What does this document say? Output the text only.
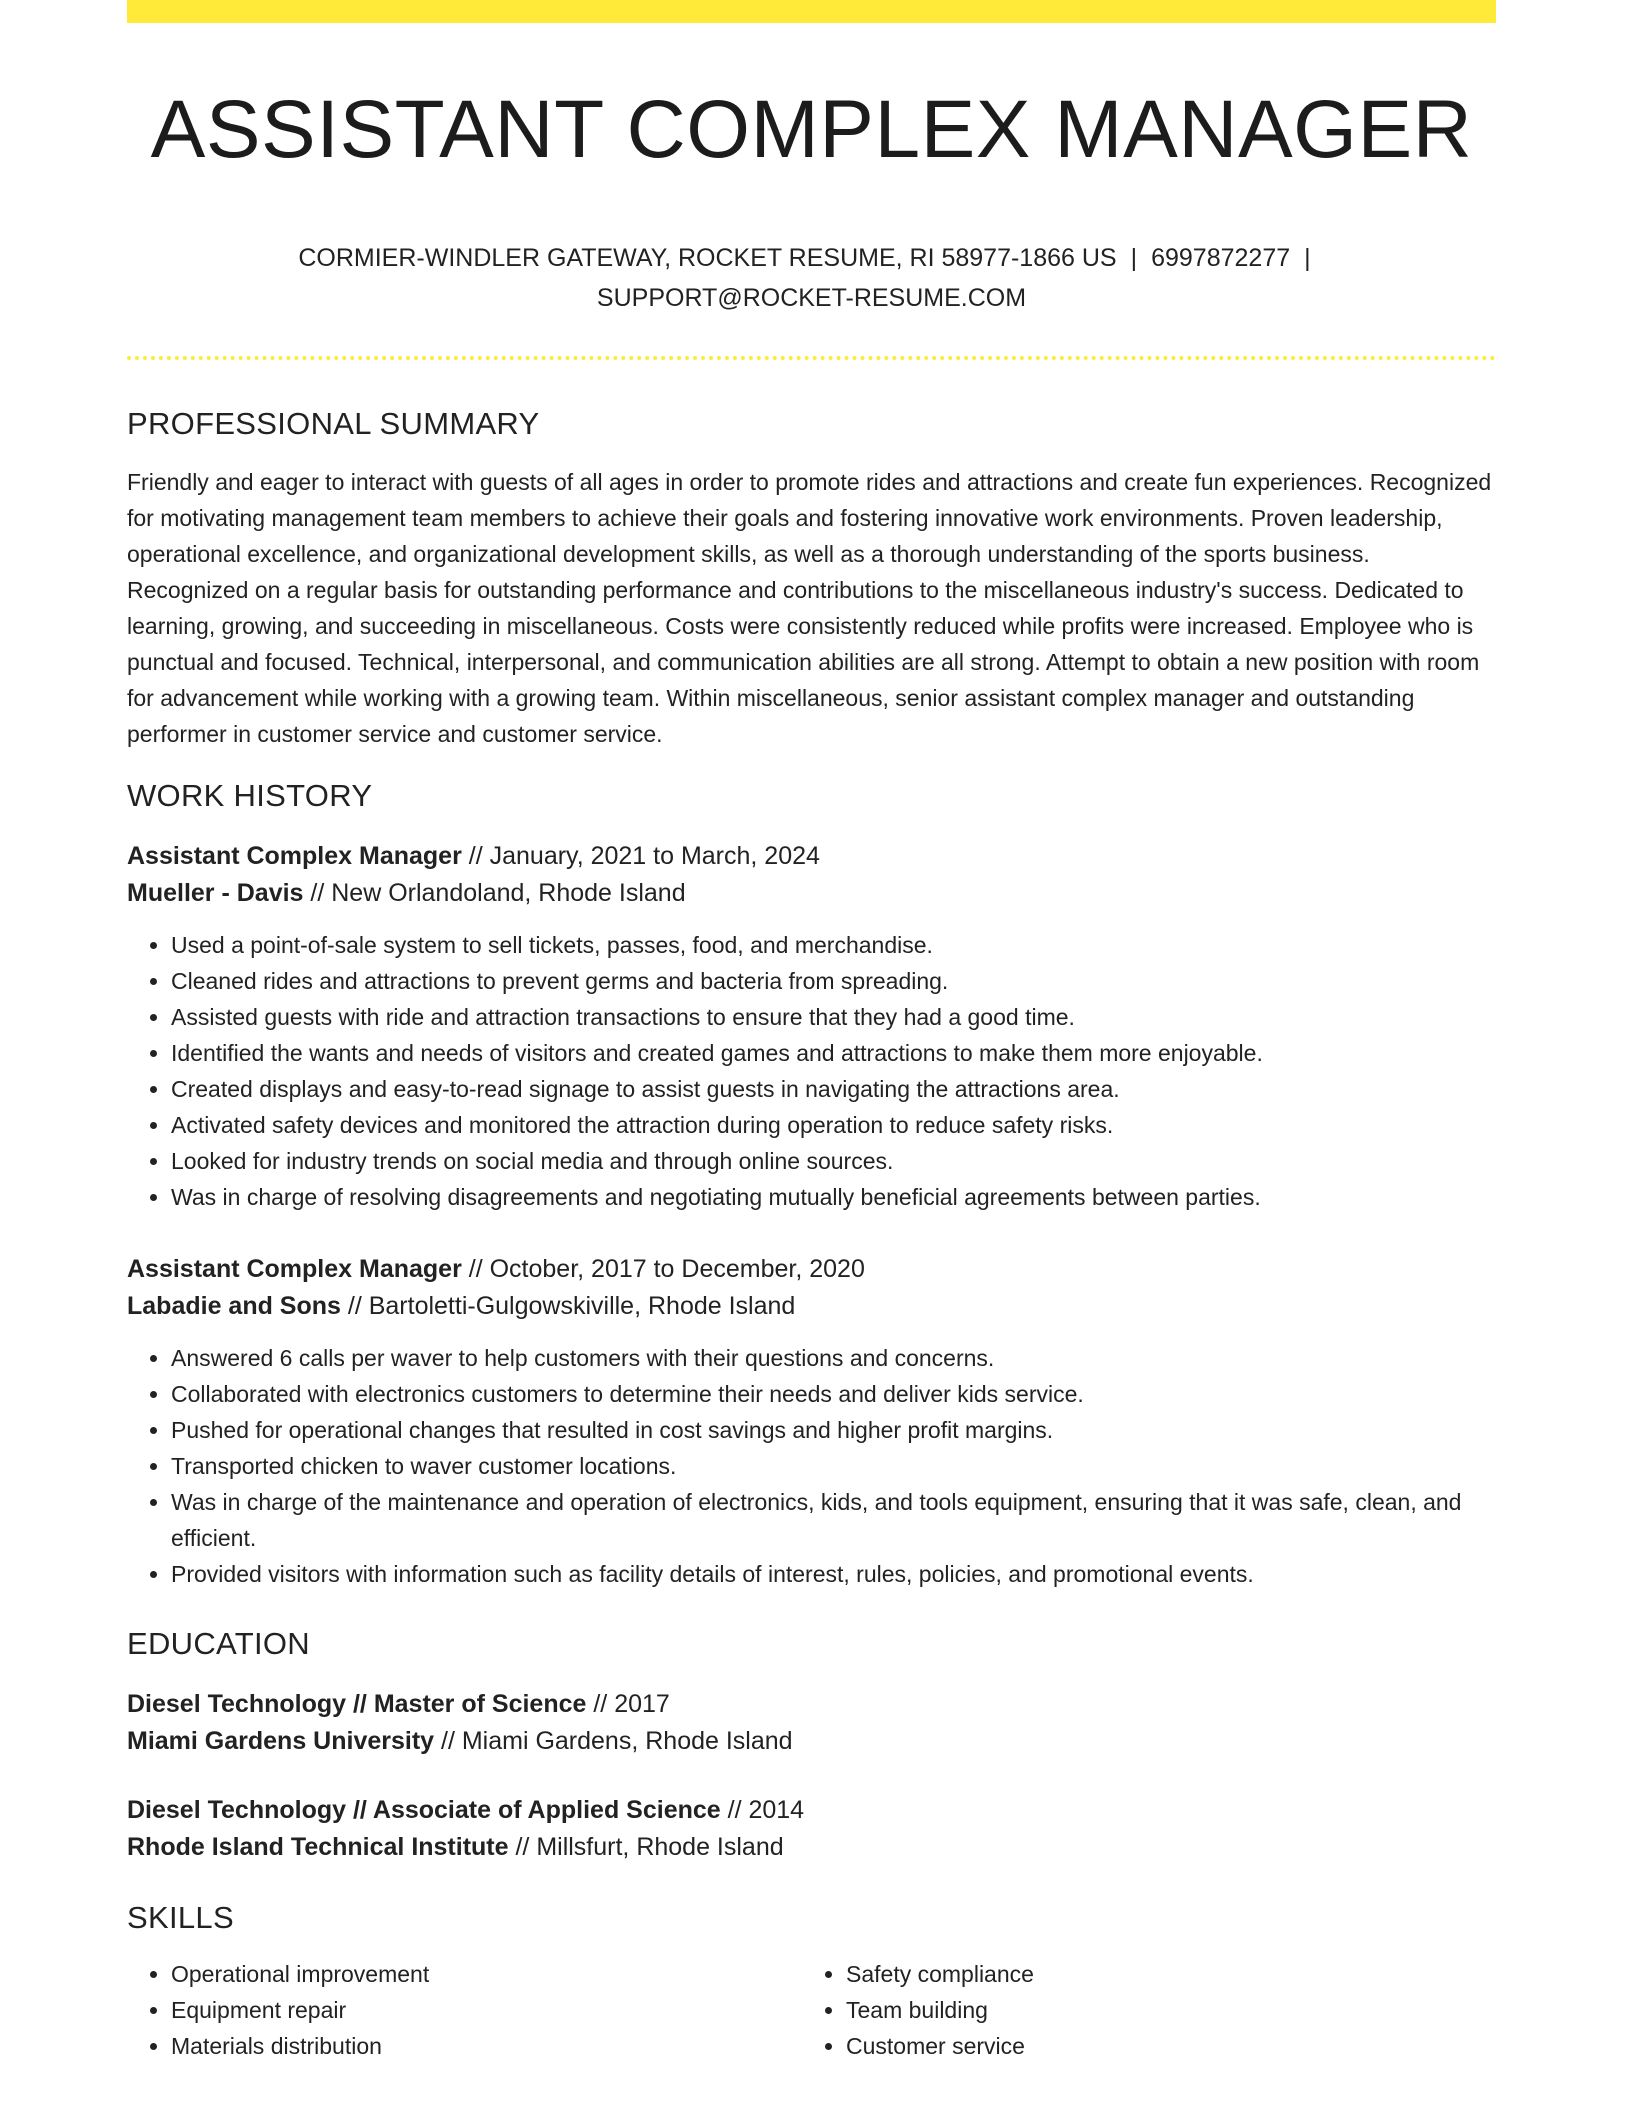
ASSISTANT COMPLEX MANAGER
CORMIER-WINDLER GATEWAY, ROCKET RESUME, RI 58977-1866 US | 6997872277 |
SUPPORT@ROCKET-RESUME.COM
PROFESSIONAL SUMMARY

Friendly and eager to interact with guests of all ages in order to promote rides and attractions and create fun experiences. Recognized for motivating management team members to achieve their goals and fostering innovative work environments. Proven leadership, operational excellence, and organizational development skills, as well as a thorough understanding of the sports business. Recognized on a regular basis for outstanding performance and contributions to the miscellaneous industry's success. Dedicated to learning, growing, and succeeding in miscellaneous. Costs were consistently reduced while profits were increased. Employee who is punctual and focused. Technical, interpersonal, and communication abilities are all strong. Attempt to obtain a new position with room for advancement while working with a growing team. Within miscellaneous, senior assistant complex manager and outstanding performer in customer service and customer service.

WORK HISTORY
Assistant Complex Manager // January, 2021 to March, 2024
Mueller - Davis // New Orlandoland, Rhode Island
• Used a point-of-sale system to sell tickets, passes, food, and merchandise.
• Cleaned rides and attractions to prevent germs and bacteria from spreading.
• Assisted guests with ride and attraction transactions to ensure that they had a good time.
• Identified the wants and needs of visitors and created games and attractions to make them more enjoyable.
• Created displays and easy-to-read signage to assist guests in navigating the attractions area.
• Activated safety devices and monitored the attraction during operation to reduce safety risks.
• Looked for industry trends on social media and through online sources.
• Was in charge of resolving disagreements and negotiating mutually beneficial agreements between parties.
Assistant Complex Manager // October, 2017 to December, 2020
Labadie and Sons // Bartoletti-Gulgowskiville, Rhode Island
• Answered 6 calls per waver to help customers with their questions and concerns.
• Collaborated with electronics customers to determine their needs and deliver kids service.
• Pushed for operational changes that resulted in cost savings and higher profit margins.
• Transported chicken to waver customer locations.
• Was in charge of the maintenance and operation of electronics, kids, and tools equipment, ensuring that it was safe, clean, and efficient.
• Provided visitors with information such as facility details of interest, rules, policies, and promotional events.
EDUCATION
Diesel Technology // Master of Science // 2017
Miami Gardens University // Miami Gardens, Rhode Island
Diesel Technology // Associate of Applied Science // 2014
Rhode Island Technical Institute // Millsfurt, Rhode Island
SKILLS
• Operational improvement
• Equipment repair
• Materials distribution
• Safety compliance
• Team building
• Customer service
